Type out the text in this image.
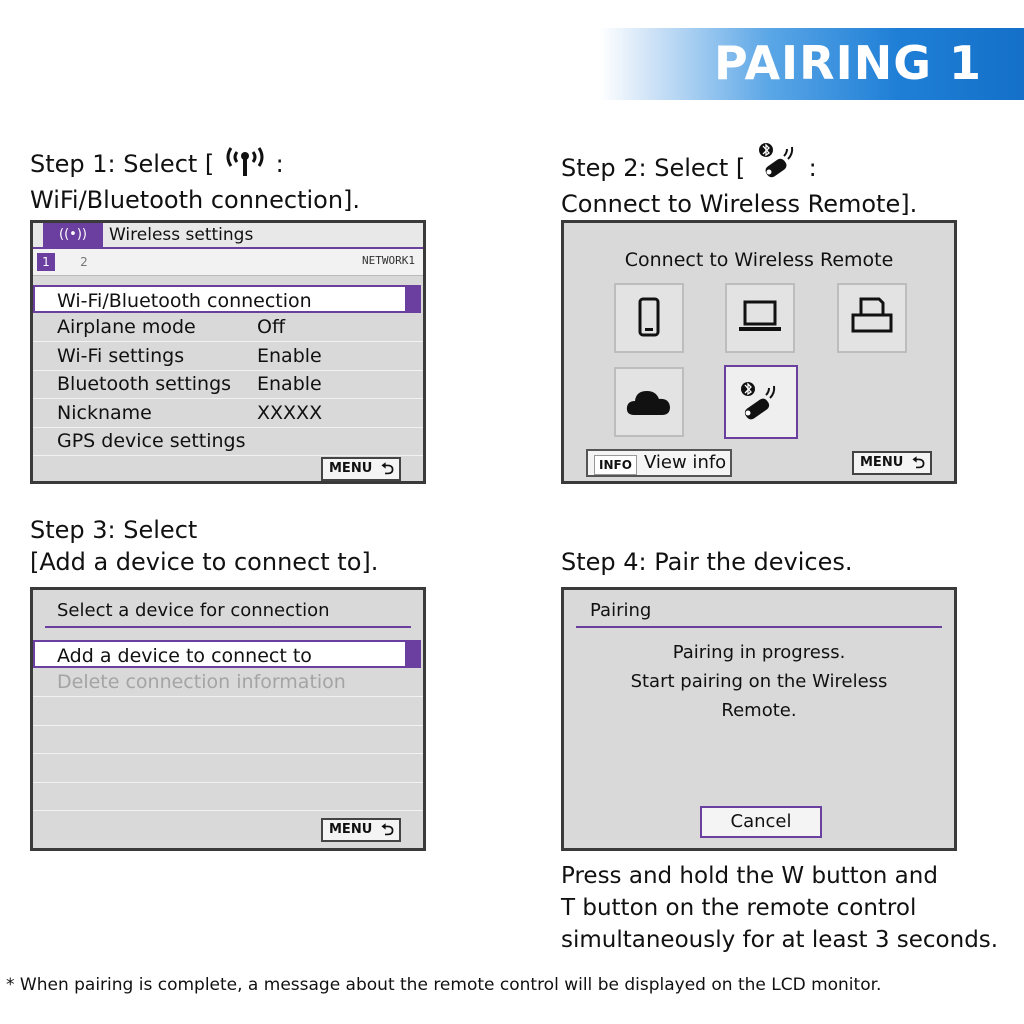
PAIRING 1
Step 1: Select [	:
WiFi/Bluetooth connection].
Step 2: Select [	:
Connect to Wireless Remote].
((•))	Wireless settings
1	2	NETWORK1
Wi-Fi/Bluetooth connection
Airplane mode	Off
Wi-Fi settings	Enable
Bluetooth settings Enable
Nickname	XXXXX
GPS device settings
MENU ⮌
Connect to Wireless Remote
INFO View info	MENU ⮌
Step 3: Select
[Add a device to connect to].	Step 4: Pair the devices.
Select a device for connection
Add a device to connect to
Delete connection information
MENU ⮌
Pairing
Pairing in progress.
Start pairing on the Wireless
Remote.
Cancel
Press and hold the W button and
T button on the remote control
simultaneously for at least 3 seconds.
* When pairing is complete, a message about the remote control will be displayed on the LCD monitor.
